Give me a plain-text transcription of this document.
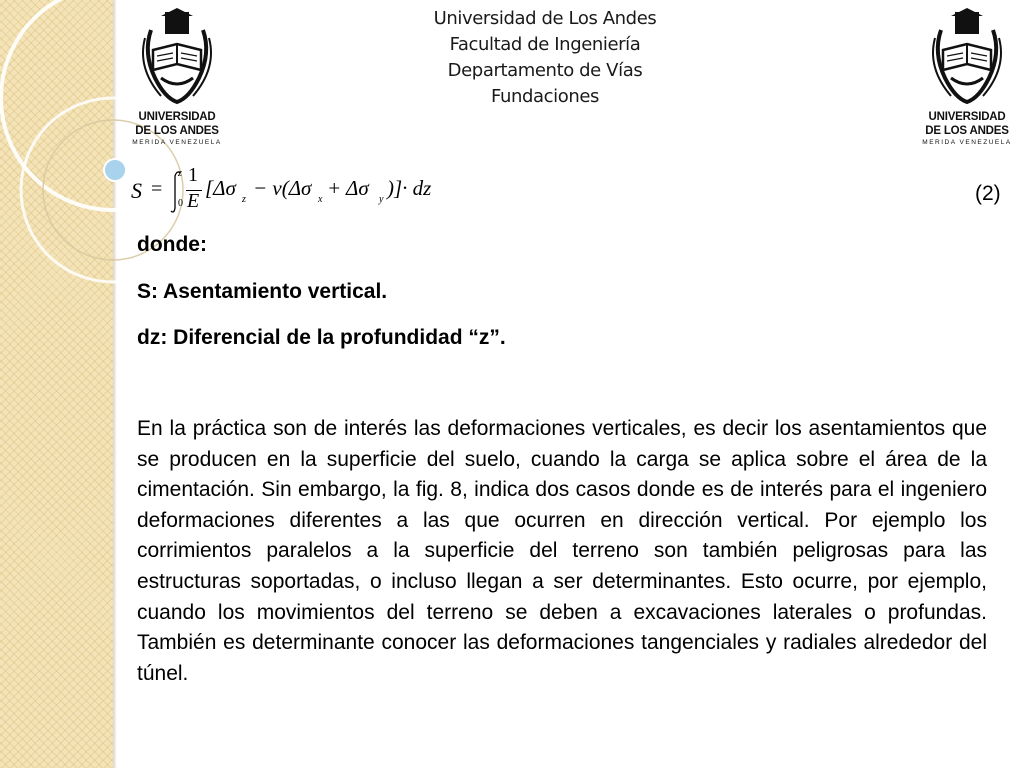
Universidad de Los Andes
Facultad de Ingeniería
Departamento de Vías
Fundaciones
UNIVERSIDAD
DE LOS ANDES
MERIDA VENEZUELA
UNIVERSIDAD
DE LOS ANDES
MERIDA VENEZUELA
S =
z
0
1
E
[Δσ z − ν(Δσ x + Δσ y )]· dz	(2)
donde:
S: Asentamiento vertical.
dz: Diferencial de la profundidad “z”.

En la práctica son de interés las deformaciones verticales, es decir los asentamientos que se producen en la superficie del suelo, cuando la carga se aplica sobre el área de la cimentación. Sin embargo, la fig. 8, indica dos casos donde es de interés para el ingeniero deformaciones diferentes a las que ocurren en dirección vertical. Por ejemplo los corrimientos paralelos a la superficie del terreno son también peligrosas para las estructuras soportadas, o incluso llegan a ser determinantes. Esto ocurre, por ejemplo, cuando los movimientos del terreno se deben a excavaciones laterales o profundas. También es determinante conocer las deformaciones tangenciales y radiales alrededor del túnel.
